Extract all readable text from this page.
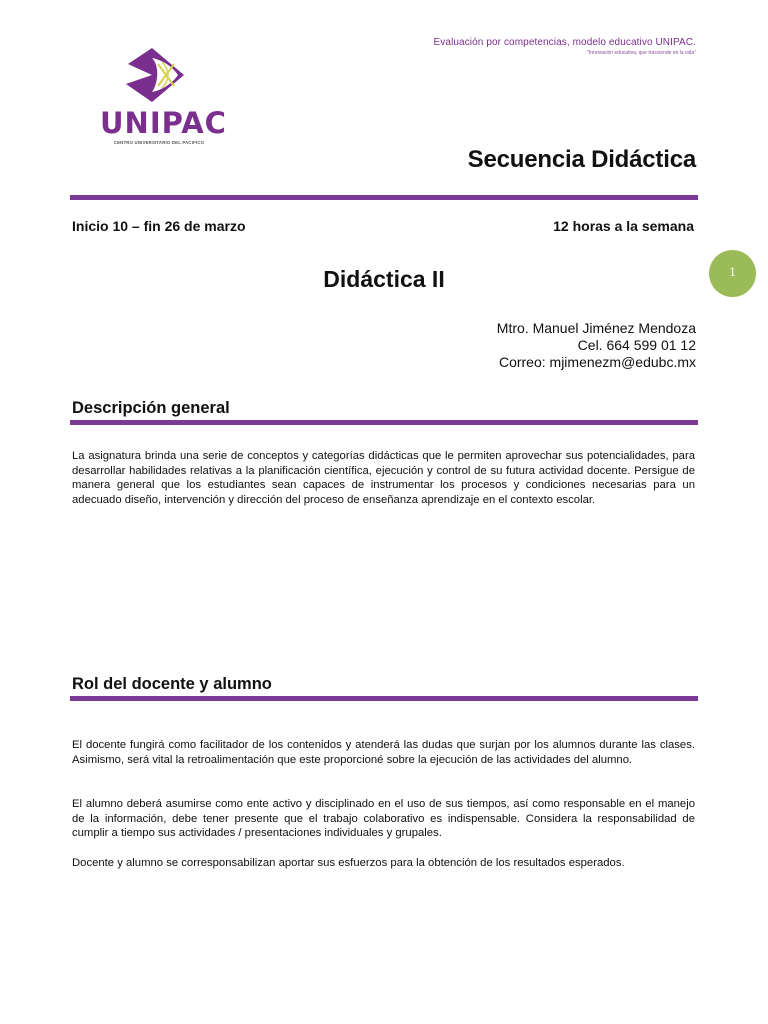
Evaluación por competencias, modelo educativo UNIPAC.
"Innovación educativa, que trasciende en la vida"
UNIPAC
CENTRO UNIVERSITARIO DEL PACIFICO
Secuencia Didáctica
Inicio 10 – fin 26 de marzo	12 horas a la semana
Didáctica II	1
Mtro. Manuel Jiménez Mendoza
Cel. 664 599 01 12
Correo: mjimenezm@edubc.mx
Descripción general
La asignatura brinda una serie de conceptos y categorías didácticas que le permiten aprovechar sus potencialidades, para desarrollar habilidades relativas a la planificación científica, ejecución y control de su futura actividad docente. Persigue de manera general que los estudiantes sean capaces de instrumentar los procesos y condiciones necesarias para un adecuado diseño, intervención y dirección del proceso de enseñanza aprendizaje en el contexto escolar.
Rol del docente y alumno
El docente fungirá como facilitador de los contenidos y atenderá las dudas que surjan por los alumnos durante las clases. Asimismo, será vital la retroalimentación que este proporcioné sobre la ejecución de las actividades del alumno.
El alumno deberá asumirse como ente activo y disciplinado en el uso de sus tiempos, así como responsable en el manejo de la información, debe tener presente que el trabajo colaborativo es indispensable. Considera la responsabilidad de cumplir a tiempo sus actividades / presentaciones individuales y grupales.
Docente y alumno se corresponsabilizan aportar sus esfuerzos para la obtención de los resultados esperados.
